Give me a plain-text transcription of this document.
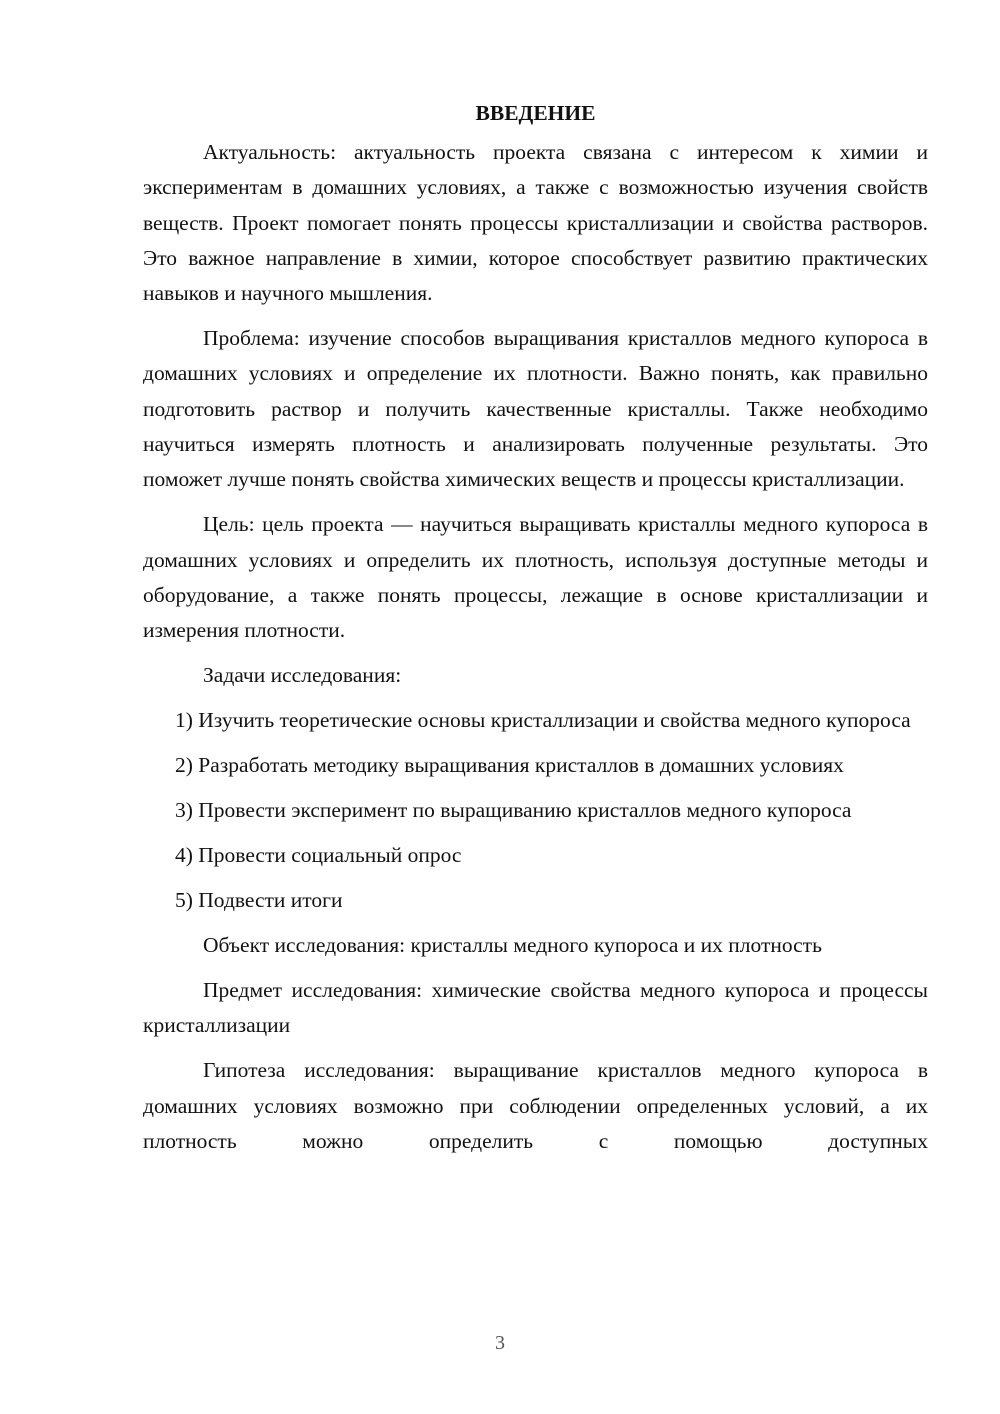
ВВЕДЕНИЕ

Актуальность: актуальность проекта связана с интересом к химии и экспериментам в домашних условиях, а также с возможностью изучения свойств веществ. Проект помогает понять процессы кристаллизации и свойства растворов. Это важное направление в химии, которое способствует развитию практических навыков и научного мышления.

Проблема: изучение способов выращивания кристаллов медного купороса в домашних условиях и определение их плотности. Важно понять, как правильно подготовить раствор и получить качественные кристаллы. Также необходимо научиться измерять плотность и анализировать полученные результаты. Это поможет лучше понять свойства химических веществ и процессы кристаллизации.

Цель: цель проекта — научиться выращивать кристаллы медного купороса в домашних условиях и определить их плотность, используя доступные методы и оборудование, а также понять процессы, лежащие в основе кристаллизации и измерения плотности.

Задачи исследования:

1) Изучить теоретические основы кристаллизации и свойства медного купороса

2) Разработать методику выращивания кристаллов в домашних условиях

3) Провести эксперимент по выращиванию кристаллов медного купороса

4) Провести социальный опрос

5) Подвести итоги

Объект исследования: кристаллы медного купороса и их плотность

Предмет исследования: химические свойства медного купороса и процессы кристаллизации

Гипотеза исследования: выращивание кристаллов медного купороса в домашних условиях возможно при соблюдении определенных условий, а их плотность можно определить с помощью доступных

3
